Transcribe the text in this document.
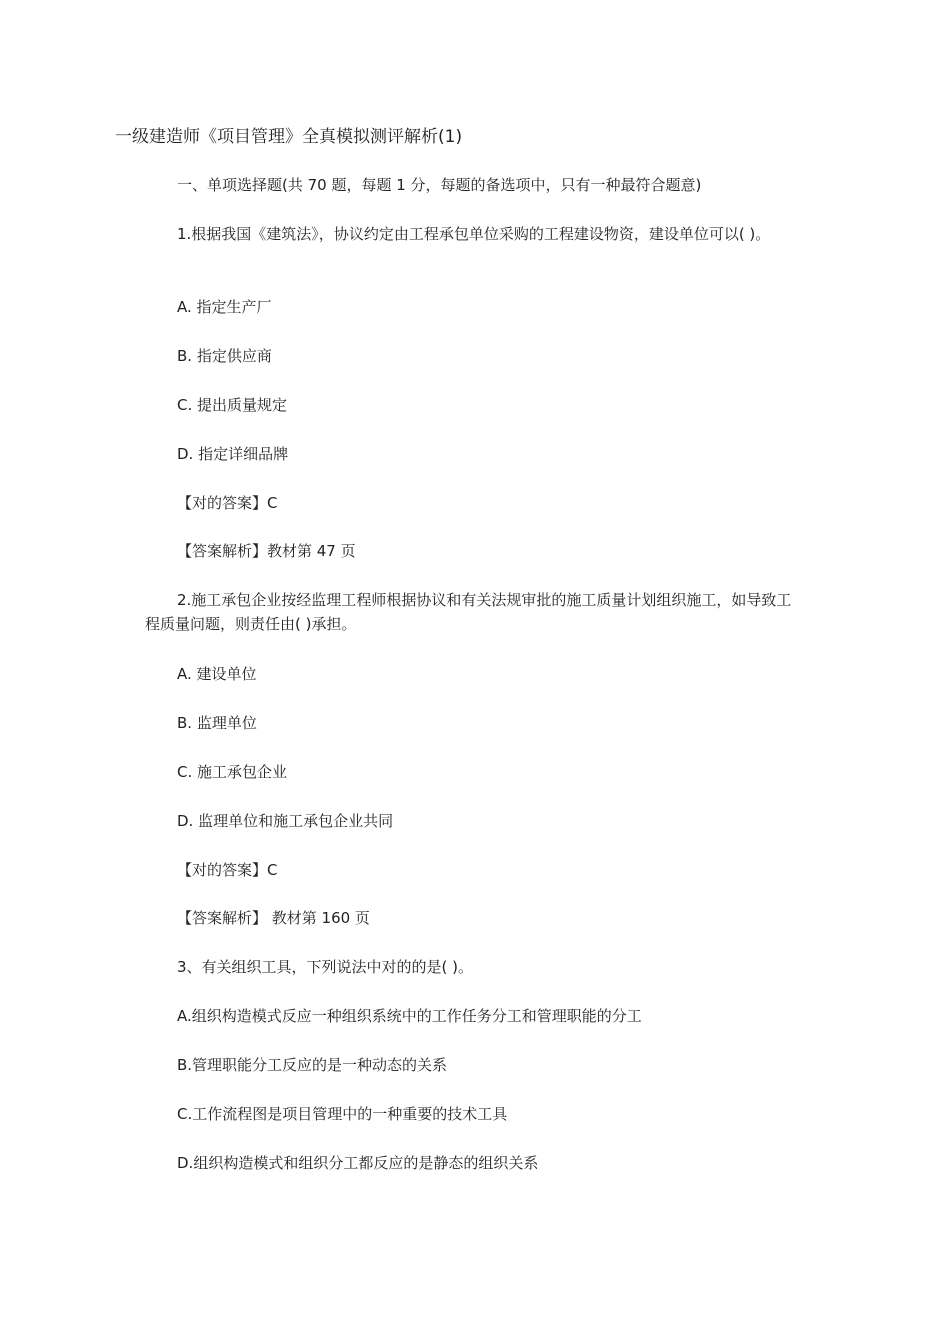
一级建造师《项目管理》全真模拟测评解析(1)
一、单项选择题(共 70 题，每题 1 分，每题的备选项中，只有一种最符合题意)
1.根据我国《建筑法》，协议约定由工程承包单位采购的工程建设物资，建设单位可以( )。
A. 指定生产厂
B. 指定供应商
C. 提出质量规定
D. 指定详细品牌
【对的答案】C
【答案解析】教材第 47 页
2.施工承包企业按经监理工程师根据协议和有关法规审批的施工质量计划组织施工，如导致工程质量问题，则责任由( )承担。
A. 建设单位
B. 监理单位
C. 施工承包企业
D. 监理单位和施工承包企业共同
【对的答案】C
【答案解析】 教材第 160 页
3、有关组织工具，下列说法中对的的是( )。
A.组织构造模式反应一种组织系统中的工作任务分工和管理职能的分工
B.管理职能分工反应的是一种动态的关系
C.工作流程图是项目管理中的一种重要的技术工具
D.组织构造模式和组织分工都反应的是静态的组织关系
